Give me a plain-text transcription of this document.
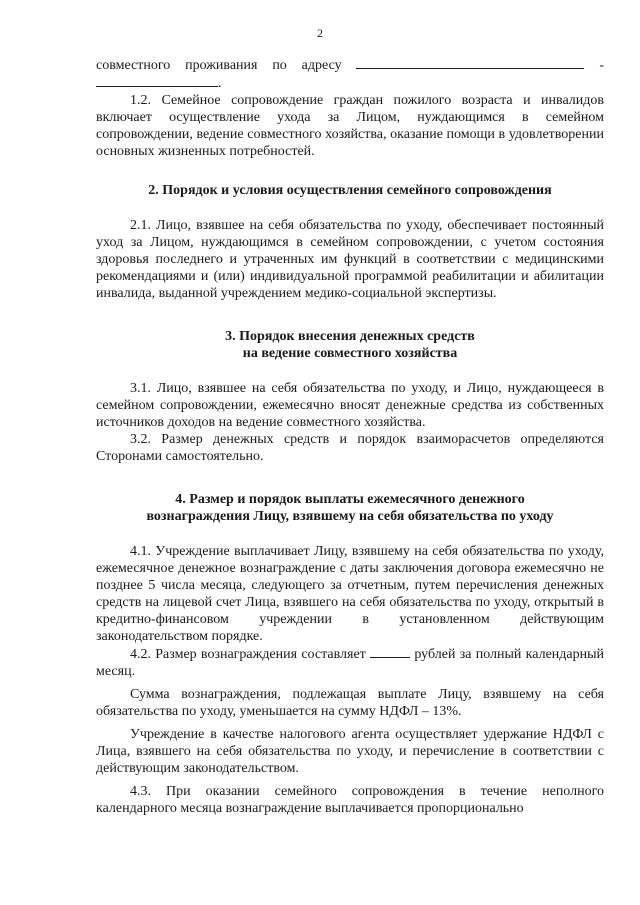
2

совместного проживания по адресу	-

.

1.2. Семейное сопровождение граждан пожилого возраста и инвалидов включает осуществление ухода за Лицом, нуждающимся в семейном сопровождении, ведение совместного хозяйства, оказание помощи в удовлетворении основных жизненных потребностей.

2. Порядок и условия осуществления семейного сопровождения

2.1. Лицо, взявшее на себя обязательства по уходу, обеспечивает постоянный уход за Лицом, нуждающимся в семейном сопровождении, с учетом состояния здоровья последнего и утраченных им функций в соответствии с медицинскими рекомендациями и (или) индивидуальной программой реабилитации и абилитации инвалида, выданной учреждением медико-социальной экспертизы.

3. Порядок внесения денежных средств
на ведение совместного хозяйства

3.1. Лицо, взявшее на себя обязательства по уходу, и Лицо, нуждающееся в семейном сопровождении, ежемесячно вносят денежные средства из собственных источников доходов на ведение совместного хозяйства.

3.2. Размер денежных средств и порядок взаиморасчетов определяются Сторонами самостоятельно.

4. Размер и порядок выплаты ежемесячного денежного
вознаграждения Лицу, взявшему на себя обязательства по уходу

4.1. Учреждение выплачивает Лицу, взявшему на себя обязательства по уходу, ежемесячное денежное вознаграждение с даты заключения договора ежемесячно не позднее 5 числа месяца, следующего за отчетным, путем перечисления денежных средств на лицевой счет Лица, взявшего на себя обязательства по уходу, открытый в кредитно-финансовом учреждении в установленном действующим законодательством порядке.

4.2. Размер вознаграждения составляет	рублей за полный календарный месяц.

Сумма вознаграждения, подлежащая выплате Лицу, взявшему на себя обязательства по уходу, уменьшается на сумму НДФЛ – 13%.

Учреждение в качестве налогового агента осуществляет удержание НДФЛ с Лица, взявшего на себя обязательства по уходу, и перечисление в соответствии с действующим законодательством.

4.3. При оказании семейного сопровождения в течение неполного календарного месяца вознаграждение выплачивается пропорционально
